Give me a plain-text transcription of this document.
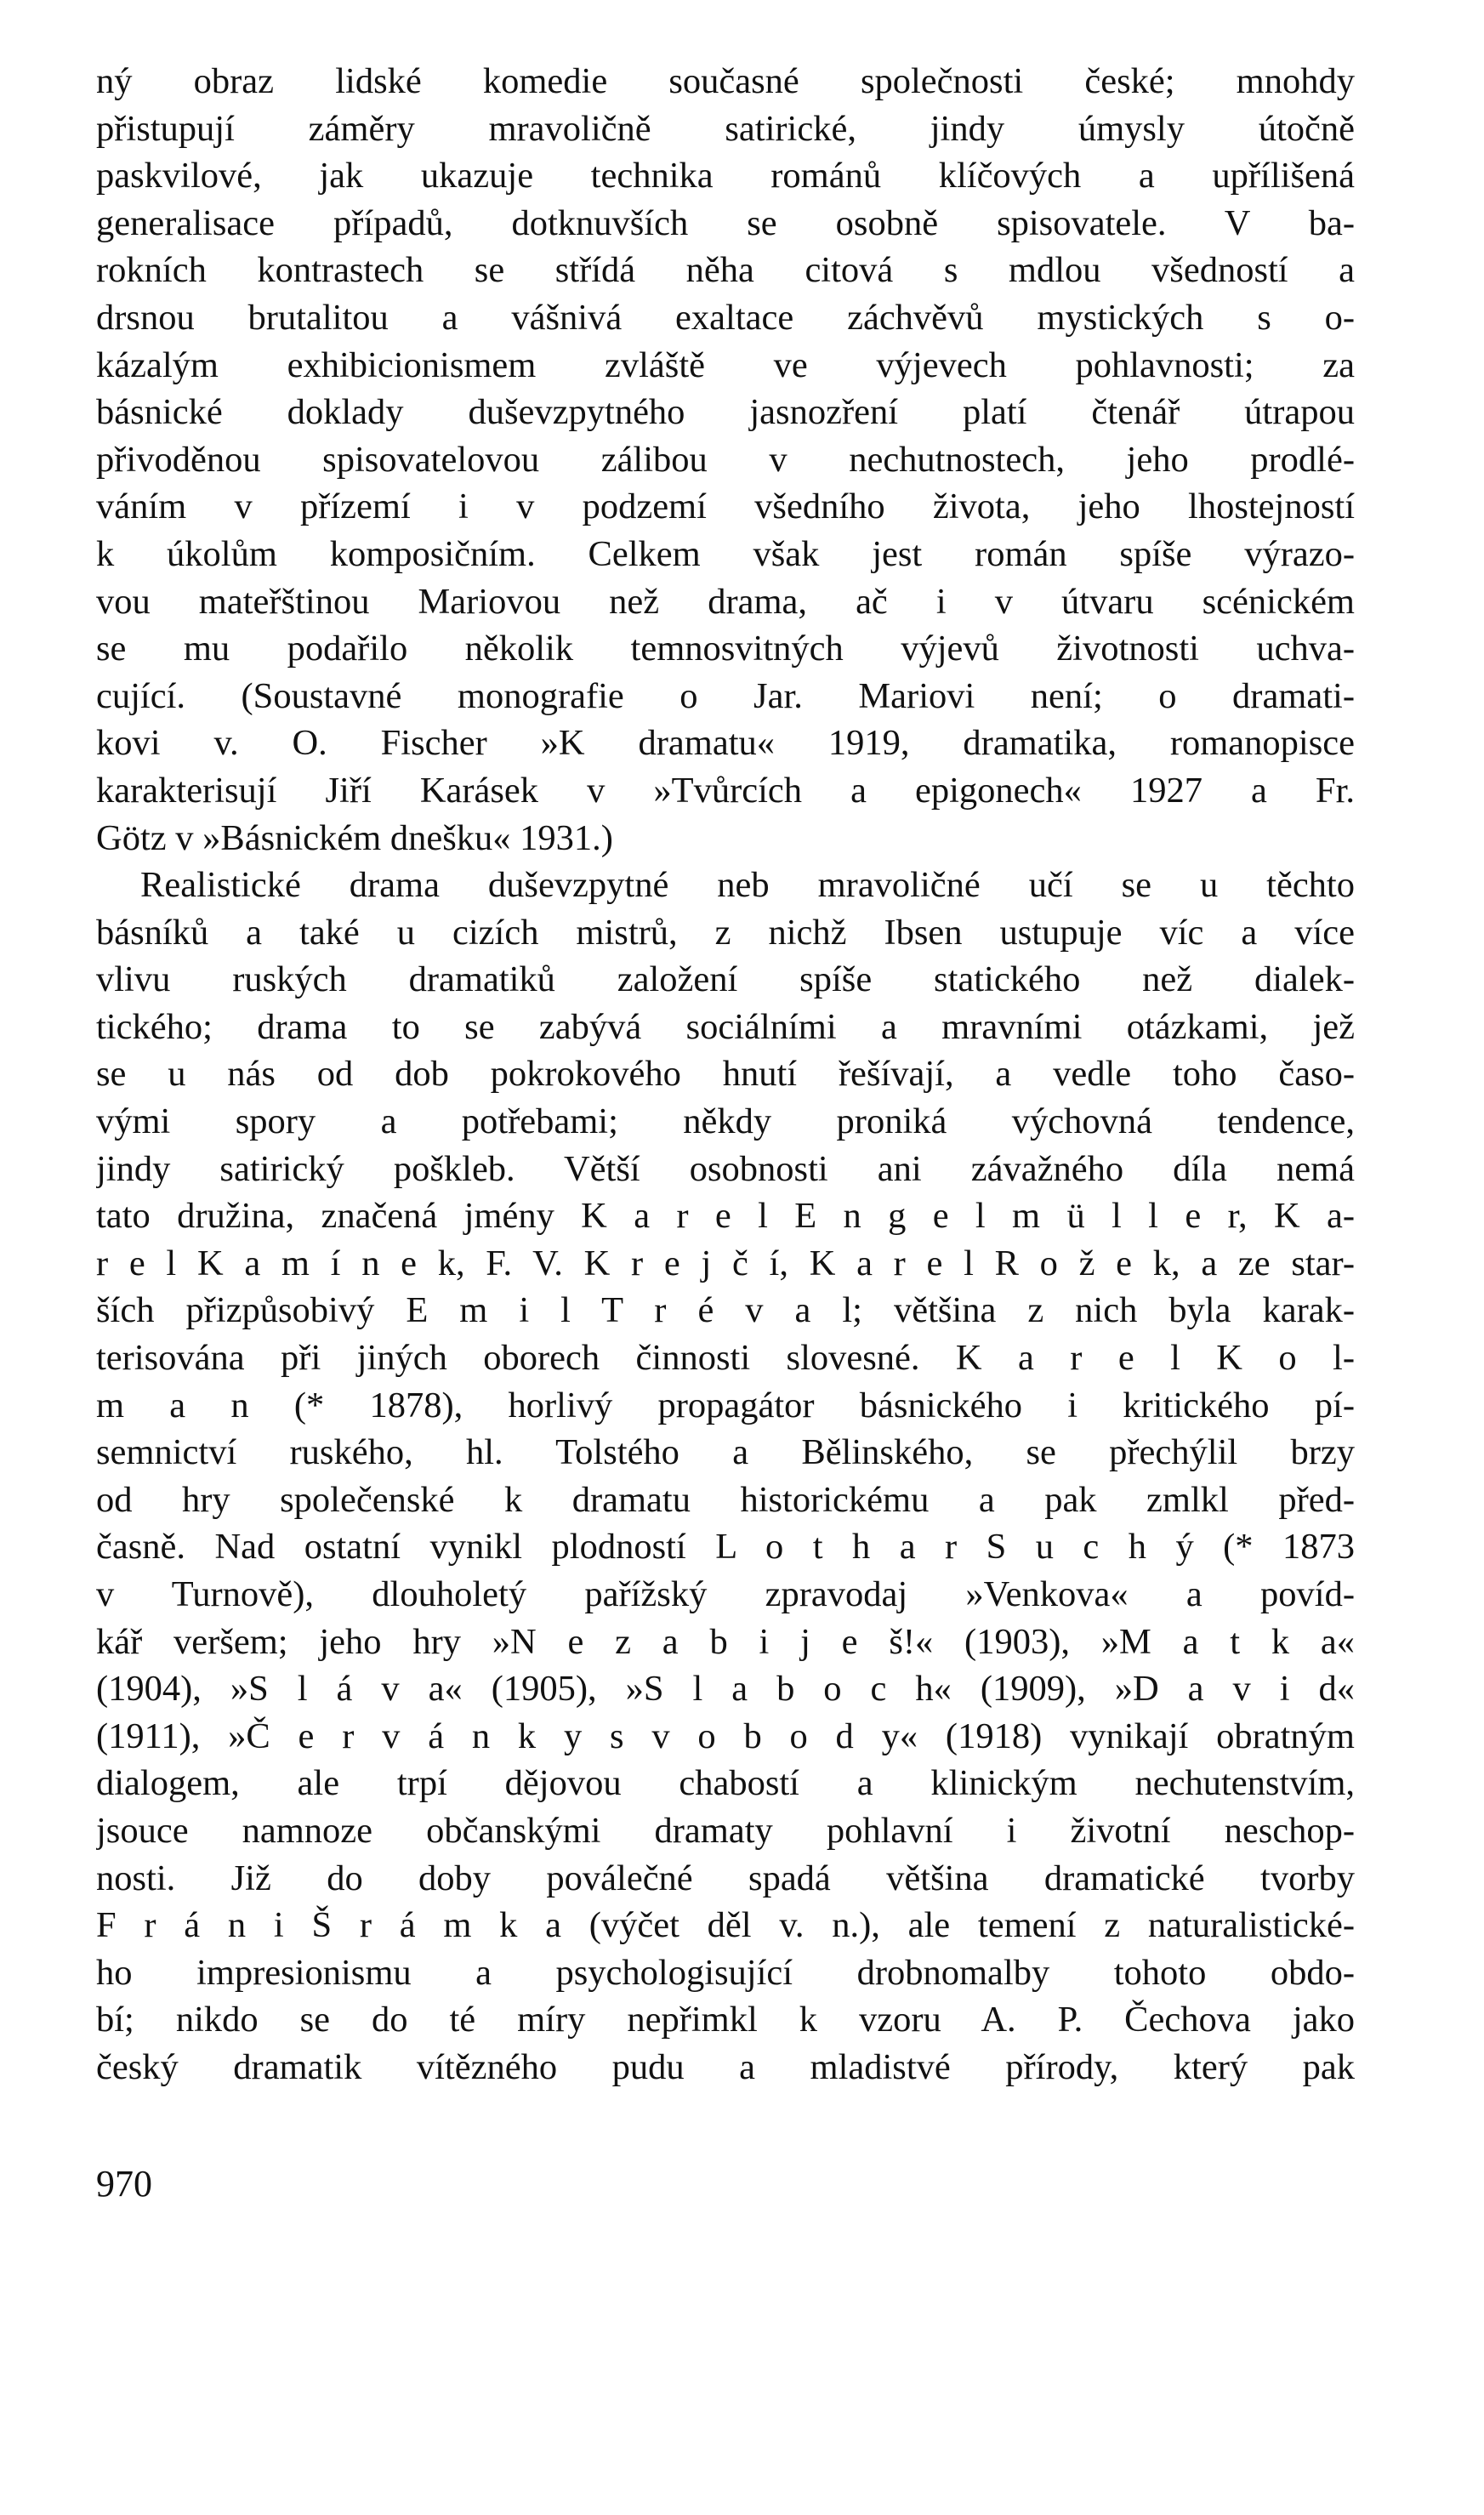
ný obraz lidské komedie současné společnosti české; mnohdy
přistupují záměry mravoličně satirické, jindy úmysly útočně
paskvilové, jak ukazuje technika románů klíčových a upřílišená
generalisace případů, dotknuvších se osobně spisovatele. V ba-
rokních kontrastech se střídá něha citová s mdlou všedností a
drsnou brutalitou a vášnivá exaltace záchvěvů mystických s o-
kázalým exhibicionismem zvláště ve výjevech pohlavnosti; za
básnické doklady duševzpytného jasnozření platí čtenář útrapou
přivoděnou spisovatelovou zálibou v nechutnostech, jeho prodlé-
váním v přízemí i v podzemí všedního života, jeho lhostejností
k úkolům komposičním. Celkem však jest román spíše výrazo-
vou mateřštinou Mariovou než drama, ač i v útvaru scénickém
se mu podařilo několik temnosvitných výjevů životnosti uchva-
cující. (Soustavné monografie o Jar. Mariovi není; o dramati-
kovi v. O. Fischer »K dramatu« 1919, dramatika, romanopisce
karakterisují Jiří Karásek v »Tvůrcích a epigonech« 1927 a Fr.
Götz v »Básnickém dnešku« 1931.)
Realistické drama duševzpytné neb mravoličné učí se u těchto
básníků a také u cizích mistrů, z nichž Ibsen ustupuje víc a více
vlivu ruských dramatiků založení spíše statického než dialek-
tického; drama to se zabývá sociálními a mravními otázkami, jež
se u nás od dob pokrokového hnutí řešívají, a vedle toho časo-
vými spory a potřebami; někdy proniká výchovná tendence,
jindy satirický pošklеb. Větší osobnosti ani závažného díla nemá
tato družina, značená jmény K a r e l E n g e l m ü l l e r, K a-
r e l K a m í n e k, F. V. K r e j č í, K a r e l R o ž e k, a ze star-
ších přizpůsobivý E m i l T r é v a l; většina z nich byla karak-
terisována při jiných oborech činnosti slovesné. K a r e l K o l-
m a n (* 1878), horlivý propagátor básnického i kritického pí-
semnictví ruského, hl. Tolstého a Bělinského, se přechýlil brzy
od hry společenské k dramatu historickému a pak zmlkl před-
časně. Nad ostatní vynikl plodností L o t h a r S u c h ý (* 1873
v Turnově), dlouholetý pařížský zpravodaj »Venkova« a povíd-
kář veršem; jeho hry »N e z a b i j e š!« (1903), »M a t k a«
(1904), »S l á v a« (1905), »S l a b o c h« (1909), »D a v i d«
(1911), »Č e r v á n k y s v o b o d y« (1918) vynikají obratným
dialogem, ale trpí dějovou chabostí a klinickým nechutenstvím,
jsouce namnoze občanskými dramaty pohlavní i životní neschop-
nosti. Již do doby poválečné spadá většina dramatické tvorby
F r á n i Š r á m k a (výčet děl v. n.), ale temení z naturalistické-
ho impresionismu a psychologisující drobnomalby tohoto obdo-
bí; nikdo se do té míry nepřimkl k vzoru A. P. Čechova jako
český dramatik vítězného pudu a mladistvé přírody, který pak
970
